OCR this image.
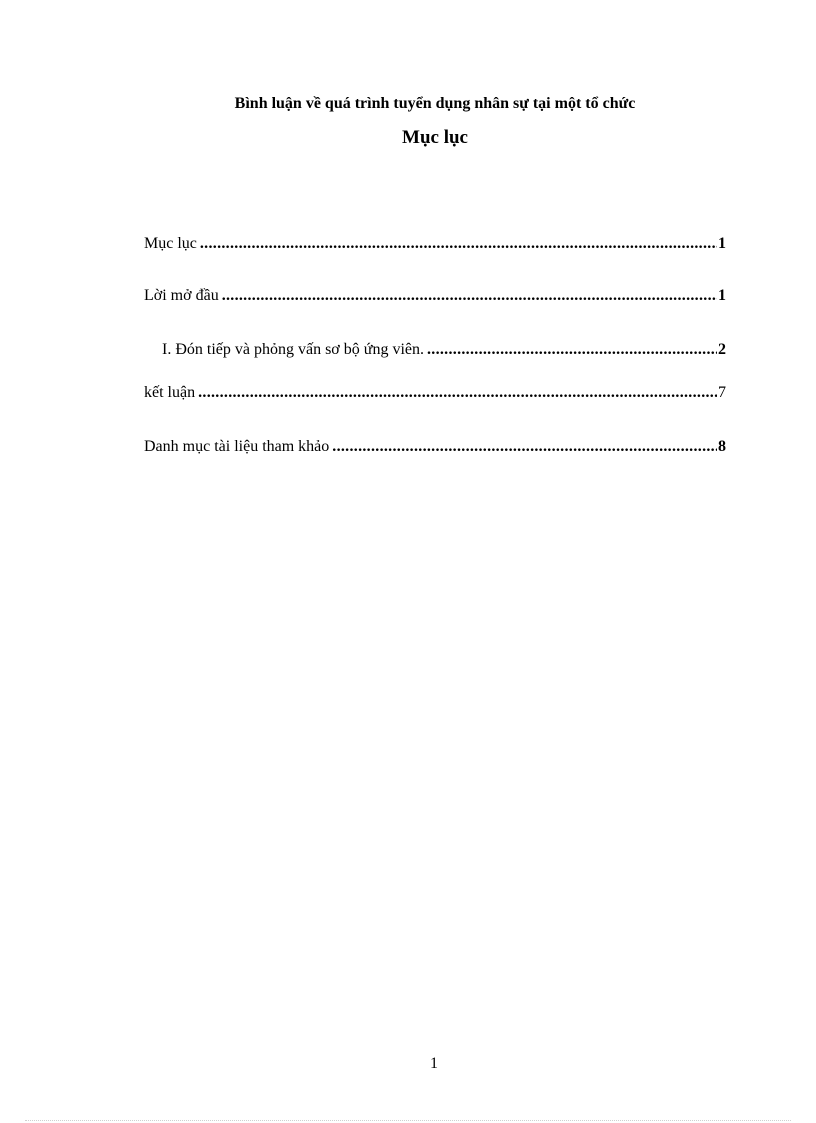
Bình luận về quá trình tuyển dụng nhân sự tại một tổ chức
Mục lục
Mục lục .....	1
Lời mở đầu .....	1
I. Đón tiếp và phỏng vấn sơ bộ ứng viên. .....	2
kết luận .....	7
Danh mục tài liệu tham khảo .....	8
1
